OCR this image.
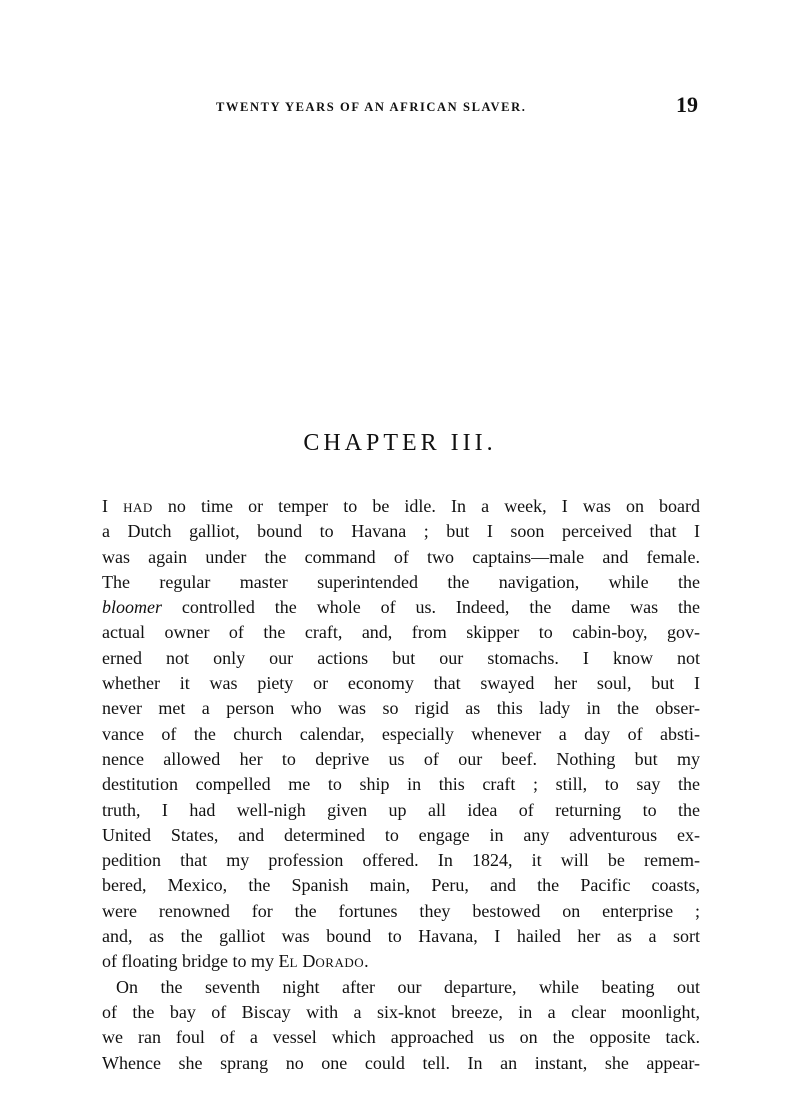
TWENTY YEARS OF AN AFRICAN SLAVER.	19
CHAPTER III.
I HAD no time or temper to be idle. In a week, I was on board
a Dutch galliot, bound to Havana ; but I soon perceived that I
was again under the command of two captains—male and female.
The regular master superintended the navigation, while the
bloomer controlled the whole of us. Indeed, the dame was the
actual owner of the craft, and, from skipper to cabin-boy, gov-
erned not only our actions but our stomachs. I know not
whether it was piety or economy that swayed her soul, but I
never met a person who was so rigid as this lady in the obser-
vance of the church calendar, especially whenever a day of absti-
nence allowed her to deprive us of our beef. Nothing but my
destitution compelled me to ship in this craft ; still, to say the
truth, I had well-nigh given up all idea of returning to the
United States, and determined to engage in any adventurous ex-
pedition that my profession offered. In 1824, it will be remem-
bered, Mexico, the Spanish main, Peru, and the Pacific coasts,
were renowned for the fortunes they bestowed on enterprise ;
and, as the galliot was bound to Havana, I hailed her as a sort
of floating bridge to my EL DORADO.
On the seventh night after our departure, while beating out
of the bay of Biscay with a six-knot breeze, in a clear moonlight,
we ran foul of a vessel which approached us on the opposite tack.
Whence she sprang no one could tell. In an instant, she appear-
